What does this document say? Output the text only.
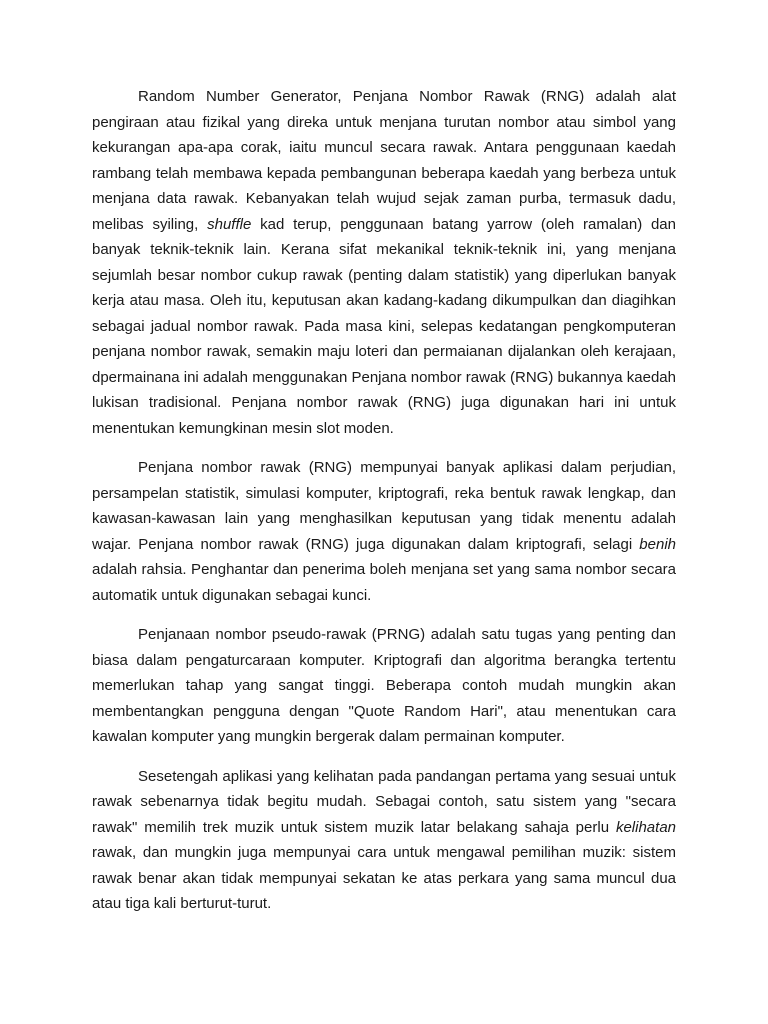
Random Number Generator, Penjana Nombor Rawak (RNG) adalah alat pengiraan atau fizikal yang direka untuk menjana turutan nombor atau simbol yang kekurangan apa-apa corak, iaitu muncul secara rawak. Antara penggunaan kaedah rambang telah membawa kepada pembangunan beberapa kaedah yang berbeza untuk menjana data rawak. Kebanyakan telah wujud sejak zaman purba, termasuk dadu, melibas syiling, shuffle kad terup, penggunaan batang yarrow (oleh ramalan) dan banyak teknik-teknik lain. Kerana sifat mekanikal teknik-teknik ini, yang menjana sejumlah besar nombor cukup rawak (penting dalam statistik) yang diperlukan banyak kerja atau masa. Oleh itu, keputusan akan kadang-kadang dikumpulkan dan diagihkan sebagai jadual nombor rawak. Pada masa kini, selepas kedatangan pengkomputeran penjana nombor rawak, semakin maju loteri dan permaianan dijalankan oleh kerajaan, dpermainana ini adalah menggunakan Penjana nombor rawak (RNG) bukannya kaedah lukisan tradisional. Penjana nombor rawak (RNG) juga digunakan hari ini untuk menentukan kemungkinan mesin slot moden.

Penjana nombor rawak (RNG) mempunyai banyak aplikasi dalam perjudian, persampelan statistik, simulasi komputer, kriptografi, reka bentuk rawak lengkap, dan kawasan-kawasan lain yang menghasilkan keputusan yang tidak menentu adalah wajar. Penjana nombor rawak (RNG) juga digunakan dalam kriptografi, selagi benih adalah rahsia. Penghantar dan penerima boleh menjana set yang sama nombor secara automatik untuk digunakan sebagai kunci.

Penjanaan nombor pseudo-rawak (PRNG) adalah satu tugas yang penting dan biasa dalam pengaturcaraan komputer. Kriptografi dan algoritma berangka tertentu memerlukan tahap yang sangat tinggi. Beberapa contoh mudah mungkin akan membentangkan pengguna dengan "Quote Random Hari", atau menentukan cara kawalan komputer yang mungkin bergerak dalam permainan komputer.

Sesetengah aplikasi yang kelihatan pada pandangan pertama yang sesuai untuk rawak sebenarnya tidak begitu mudah. Sebagai contoh, satu sistem yang "secara rawak" memilih trek muzik untuk sistem muzik latar belakang sahaja perlu kelihatan rawak, dan mungkin juga mempunyai cara untuk mengawal pemilihan muzik: sistem rawak benar akan tidak mempunyai sekatan ke atas perkara yang sama muncul dua atau tiga kali berturut-turut.
